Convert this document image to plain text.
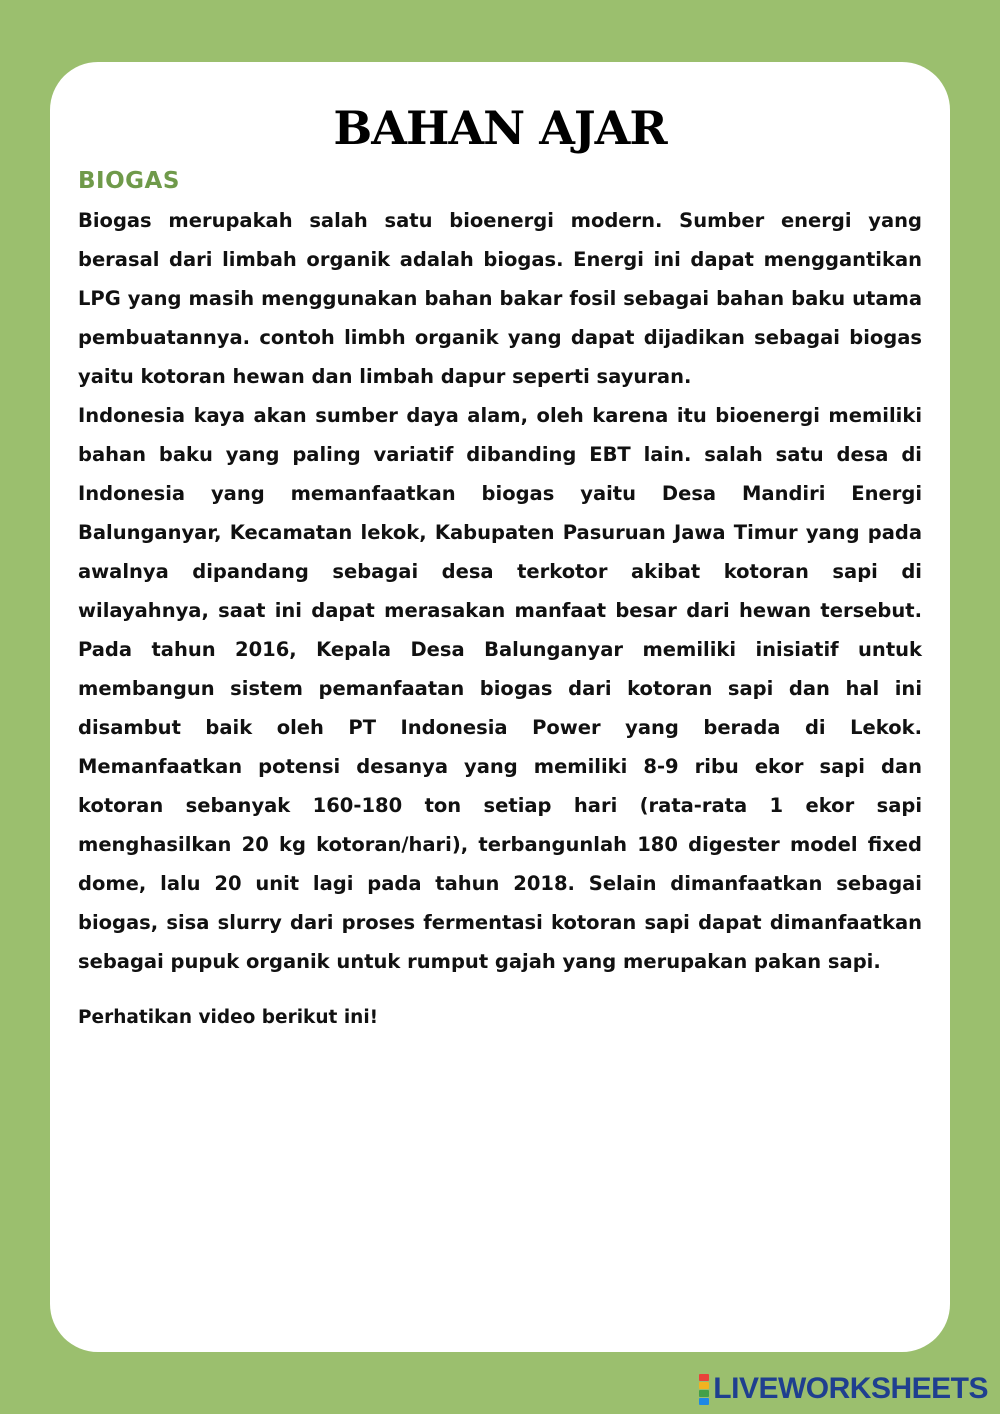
BAHAN AJAR
BIOGAS

Biogas merupakah salah satu bioenergi modern. Sumber energi yang berasal dari limbah organik adalah biogas. Energi ini dapat menggantikan LPG yang masih menggunakan bahan bakar fosil sebagai bahan baku utama pembuatannya. contoh limbh organik yang dapat dijadikan sebagai biogas yaitu kotoran hewan dan limbah dapur seperti sayuran.

Indonesia kaya akan sumber daya alam, oleh karena itu bioenergi memiliki bahan baku yang paling variatif dibanding EBT lain. salah satu desa di Indonesia yang memanfaatkan biogas yaitu Desa Mandiri Energi Balunganyar, Kecamatan lekok, Kabupaten Pasuruan Jawa Timur yang pada awalnya dipandang sebagai desa terkotor akibat kotoran sapi di wilayahnya, saat ini dapat merasakan manfaat besar dari hewan tersebut. Pada tahun 2016, Kepala Desa Balunganyar memiliki inisiatif untuk membangun sistem pemanfaatan biogas dari kotoran sapi dan hal ini disambut baik oleh PT Indonesia Power yang berada di Lekok. Memanfaatkan potensi desanya yang memiliki 8-9 ribu ekor sapi dan kotoran sebanyak 160-180 ton setiap hari (rata-rata 1 ekor sapi menghasilkan 20 kg kotoran/hari), terbangunlah 180 digester model fixed dome, lalu 20 unit lagi pada tahun 2018. Selain dimanfaatkan sebagai biogas, sisa slurry dari proses fermentasi kotoran sapi dapat dimanfaatkan sebagai pupuk organik untuk rumput gajah yang merupakan pakan sapi.

Perhatikan video berikut ini!

LIVEWORKSHEETS
